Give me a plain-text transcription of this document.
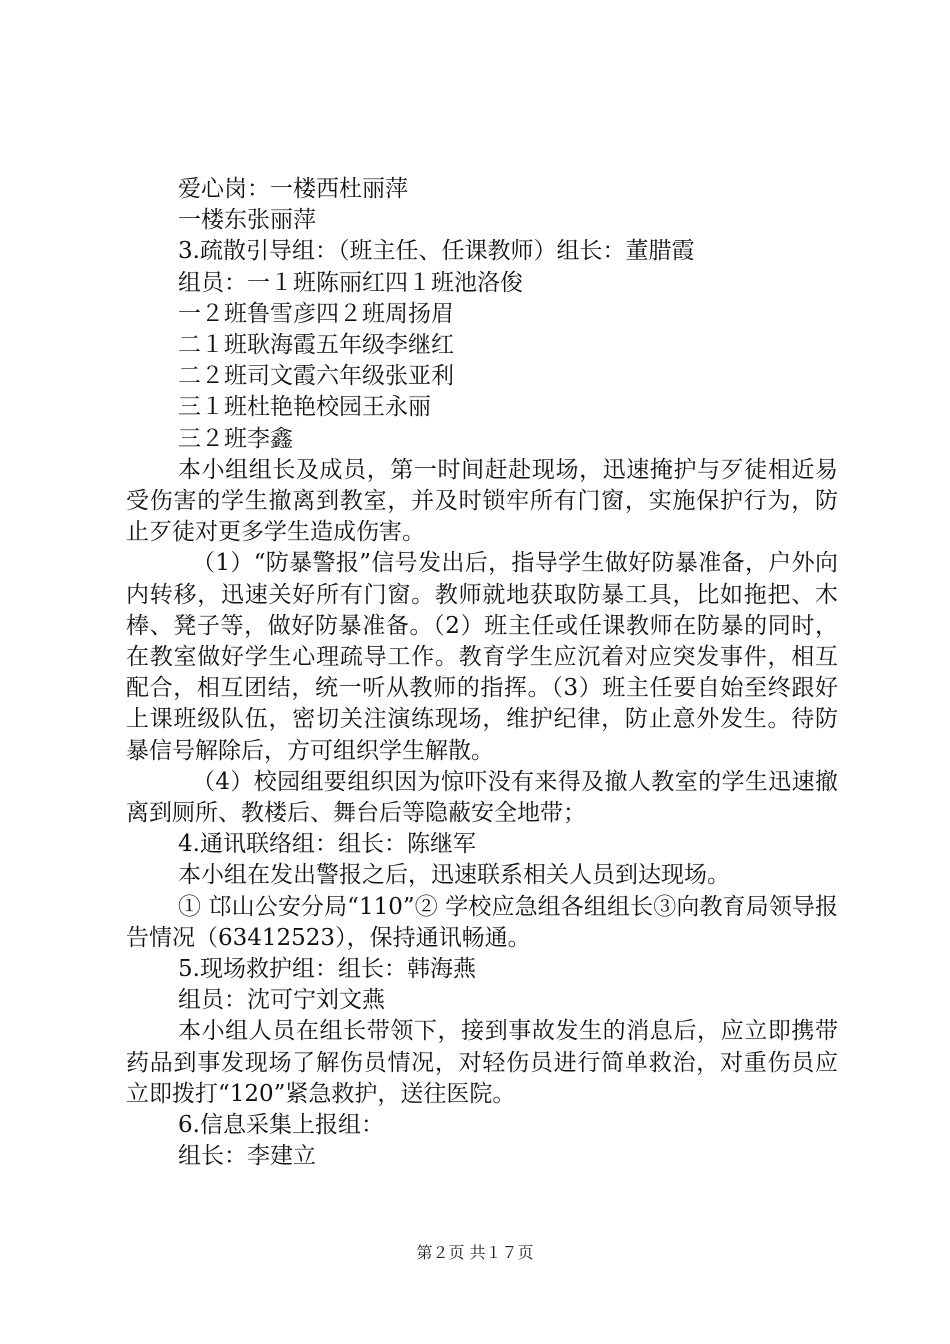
爱心岗：一楼西杜丽萍
一楼东张丽萍
3.疏散引导组：（班主任、任课教师）组长：董腊霞
组员：一１班陈丽红四１班池洛俊
一２班鲁雪彦四２班周扬眉
二１班耿海霞五年级李继红
二２班司文霞六年级张亚利
三１班杜艳艳校园王永丽
三２班李鑫
本小组组长及成员，第一时间赶赴现场，迅速掩护与歹徒相近易受伤害的学生撤离到教室，并及时锁牢所有门窗，实施保护行为，防止歹徒对更多学生造成伤害。
（1）“防暴警报”信号发出后，指导学生做好防暴准备，户外向内转移，迅速关好所有门窗。教师就地获取防暴工具，比如拖把、木棒、凳子等，做好防暴准备。（2）班主任或任课教师在防暴的同时，在教室做好学生心理疏导工作。教育学生应沉着对应突发事件，相互配合，相互团结，统一听从教师的指挥。（3）班主任要自始至终跟好上课班级队伍，密切关注演练现场，维护纪律，防止意外发生。待防暴信号解除后，方可组织学生解散。
（4）校园组要组织因为惊吓没有来得及撤人教室的学生迅速撤离到厕所、教楼后、舞台后等隐蔽安全地带；
4.通讯联络组：组长：陈继军
本小组在发出警报之后，迅速联系相关人员到达现场。
① 邙山公安分局“110”② 学校应急组各组组长③向教育局领导报告情况（63412523），保持通讯畅通。
5.现场救护组：组长：韩海燕
组员：沈可宁刘文燕
本小组人员在组长带领下，接到事故发生的消息后，应立即携带药品到事发现场了解伤员情况，对轻伤员进行简单救治，对重伤员应立即拨打“120”紧急救护，送往医院。
6.信息采集上报组：
组长：李建立
第２页 共１７页
